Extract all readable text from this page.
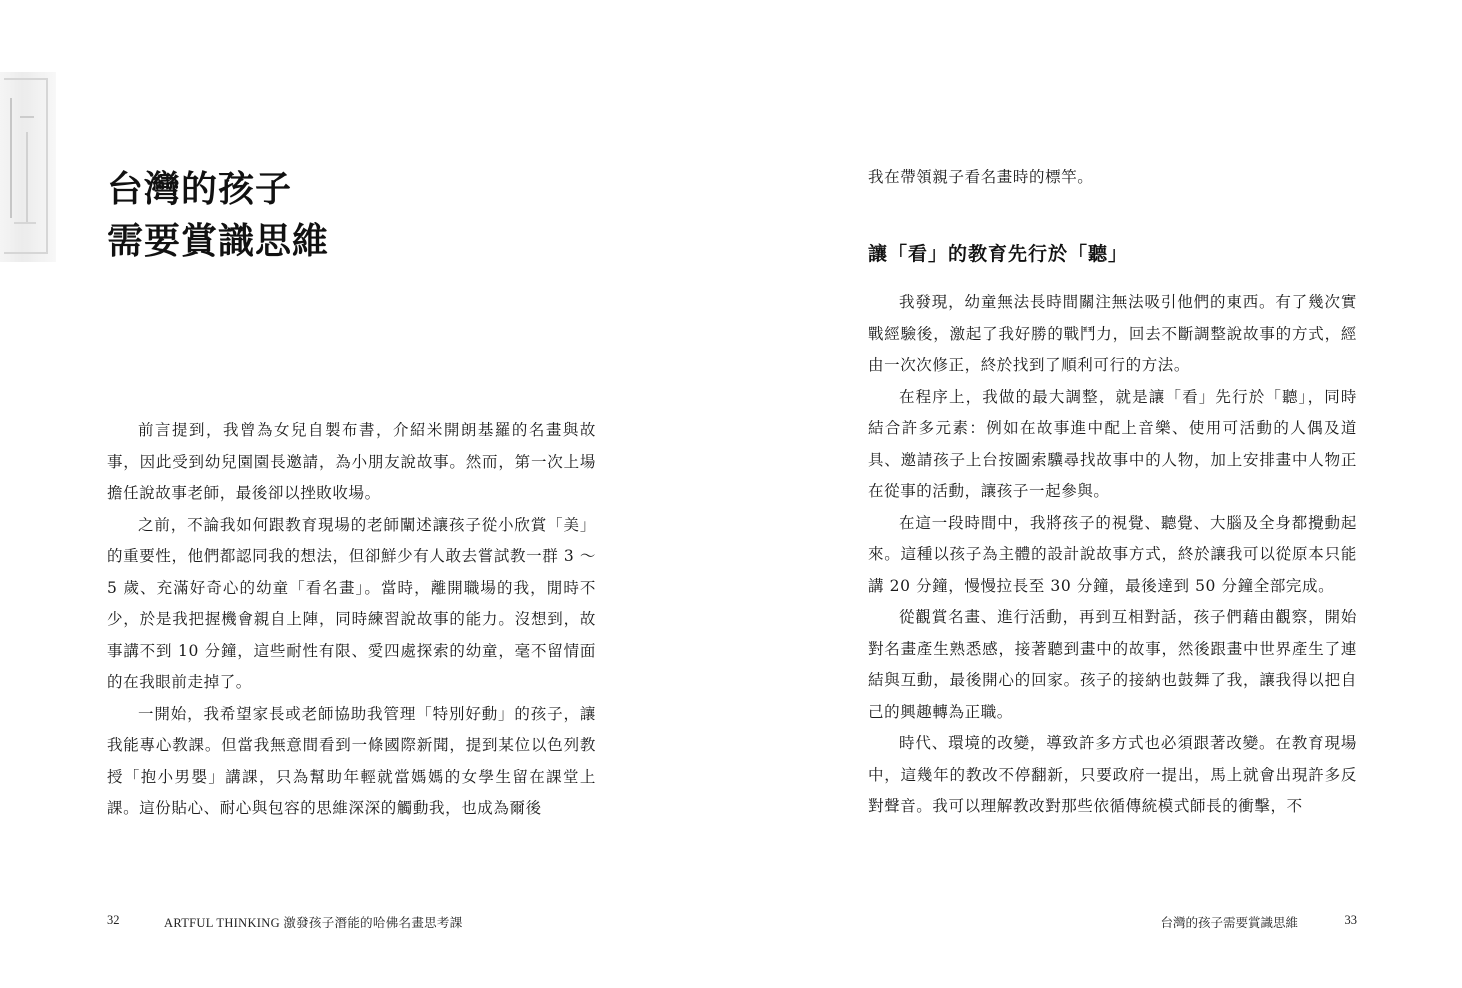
台灣的孩子
需要賞識思維

前言提到，我曾為女兒自製布書，介紹米開朗基羅的名畫與故事，因此受到幼兒園園長邀請，為小朋友說故事。然而，第一次上場擔任說故事老師，最後卻以挫敗收場。

之前，不論我如何跟教育現場的老師闡述讓孩子從小欣賞「美」的重要性，他們都認同我的想法，但卻鮮少有人敢去嘗試教一群 3 〜 5 歲、充滿好奇心的幼童「看名畫」。當時，離開職場的我，閒時不少，於是我把握機會親自上陣，同時練習說故事的能力。沒想到，故事講不到 10 分鐘，這些耐性有限、愛四處探索的幼童，毫不留情面的在我眼前走掉了。

一開始，我希望家長或老師協助我管理「特別好動」的孩子，讓我能專心教課。但當我無意間看到一條國際新聞，提到某位以色列教授「抱小男嬰」講課，只為幫助年輕就當媽媽的女學生留在課堂上課。這份貼心、耐心與包容的思維深深的觸動我，也成為爾後

32	ARTFUL THINKING 激發孩子潛能的哈佛名畫思考課

我在帶領親子看名畫時的標竿。

讓「看」的教育先行於「聽」

我發現，幼童無法長時間關注無法吸引他們的東西。有了幾次實戰經驗後，激起了我好勝的戰鬥力，回去不斷調整說故事的方式，經由一次次修正，終於找到了順利可行的方法。

在程序上，我做的最大調整，就是讓「看」先行於「聽」，同時結合許多元素：例如在故事進中配上音樂、使用可活動的人偶及道具、邀請孩子上台按圖索驥尋找故事中的人物，加上安排畫中人物正在從事的活動，讓孩子一起參與。

在這一段時間中，我將孩子的視覺、聽覺、大腦及全身都攪動起來。這種以孩子為主體的設計說故事方式，終於讓我可以從原本只能講 20 分鐘，慢慢拉長至 30 分鐘，最後達到 50 分鐘全部完成。

從觀賞名畫、進行活動，再到互相對話，孩子們藉由觀察，開始對名畫產生熟悉感，接著聽到畫中的故事，然後跟畫中世界產生了連結與互動，最後開心的回家。孩子的接納也鼓舞了我，讓我得以把自己的興趣轉為正職。

時代、環境的改變，導致許多方式也必須跟著改變。在教育現場中，這幾年的教改不停翻新，只要政府一提出，馬上就會出現許多反對聲音。我可以理解教改對那些依循傳統模式師長的衝擊，不

台灣的孩子需要賞識思維	33
